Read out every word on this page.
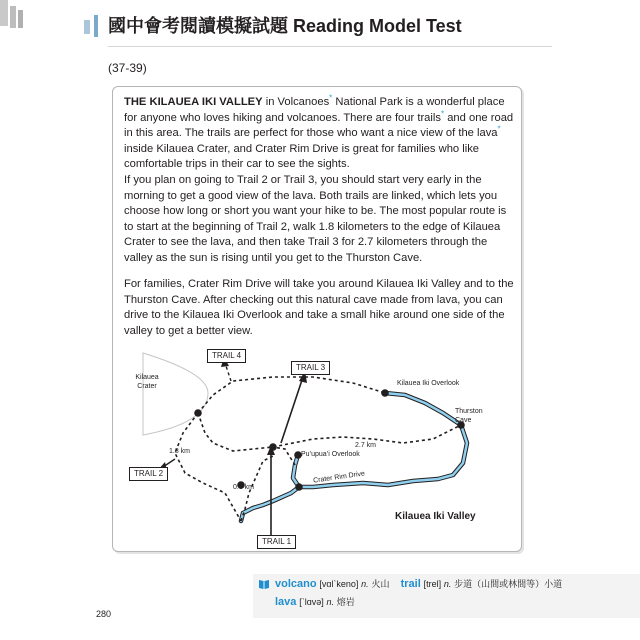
國中會考閱讀模擬試題 Reading Model Test
(37-39)

THE KILAUEA IKI VALLEY in Volcanoes* National Park is a wonderful place for anyone who loves hiking and volcanoes. There are four trails* and one road in this area. The trails are perfect for those who want a nice view of the lava* inside Kilauea Crater, and Crater Rim Drive is great for families who like comfortable trips in their car to see the sights.

If you plan on going to Trail 2 or Trail 3, you should start very early in the morning to get a good view of the lava. Both trails are linked, which lets you choose how long or short you want your hike to be. The most popular route is to start at the beginning of Trail 2, walk 1.8 kilometers to the edge of Kilauea Crater to see the lava, and then take Trail 3 for 2.7 kilometers through the valley as the sun is rising until you get to the Thurston Cave.

For families, Crater Rim Drive will take you around Kilauea Iki Valley and to the Thurston Cave. After checking out this natural cave made from lava, you can drive to the Kilauea Iki Overlook and take a small hike around one side of the valley to get a better view.

Kilauea Crater	Kilauea Iki Overlook
Thurston Cave
Pu’upua’i Overlook
Crater Rim Drive
2.7 km
1.8 km
0.8 km
TRAIL 4
TRAIL 3
TRAIL 2
TRAIL 1
Kilauea Iki Valley
volcano [vɑlˋkeno] n. 火山 trail [trel] n. 步道（山間或林間等）小道
lava [ˋlɑvə] n. 熔岩
280
